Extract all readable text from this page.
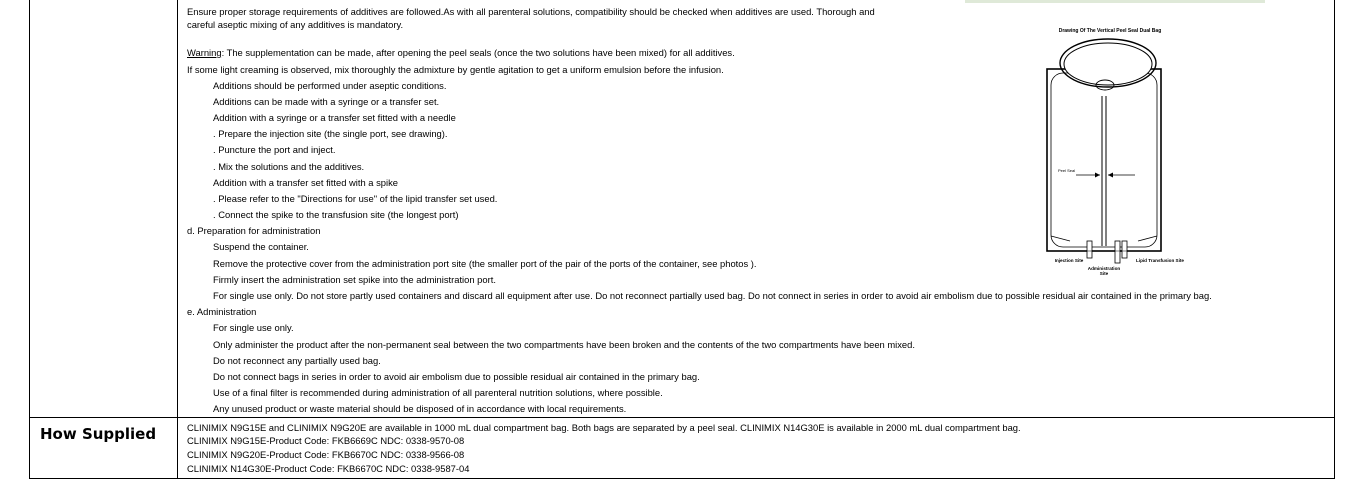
How Supplied
Ensure proper storage requirements of additives are followed.As with all parenteral solutions, compatibility should be checked when additives are used. Thorough and
careful aseptic mixing of any additives is mandatory.
Warning: The supplementation can be made, after opening the peel seals (once the two solutions have been mixed) for all additives.
If some light creaming is observed, mix thoroughly the admixture by gentle agitation to get a uniform emulsion before the infusion.
Additions should be performed under aseptic conditions.
Additions can be made with a syringe or a transfer set.
Addition with a syringe or a transfer set fitted with a needle
. Prepare the injection site (the single port, see drawing).
. Puncture the port and inject.
. Mix the solutions and the additives.
Addition with a transfer set fitted with a spike
. Please refer to the "Directions for use" of the lipid transfer set used.
. Connect the spike to the transfusion site (the longest port)
d. Preparation for administration
Suspend the container.
Remove the protective cover from the administration port site (the smaller port of the pair of the ports of the container, see photos ).
Firmly insert the administration set spike into the administration port.
For single use only. Do not store partly used containers and discard all equipment after use. Do not reconnect partially used bag. Do not connect in series in order to avoid air embolism due to possible residual air contained in the primary bag.
e. Administration
For single use only.
Only administer the product after the non-permanent seal between the two compartments have been broken and the contents of the two compartments have been mixed.
Do not reconnect any partially used bag.
Do not connect bags in series in order to avoid air embolism due to possible residual air contained in the primary bag.
Use of a final filter is recommended during administration of all parenteral nutrition solutions, where possible.
Any unused product or waste material should be disposed of in accordance with local requirements.
CLINIMIX N9G15E and CLINIMIX N9G20E are available in 1000 mL dual compartment bag. Both bags are separated by a peel seal. CLINIMIX N14G30E is available in 2000 mL dual compartment bag.
CLINIMIX N9G15E-Product Code: FKB6669C NDC: 0338-9570-08
CLINIMIX N9G20E-Product Code: FKB6670C NDC: 0338-9566-08
CLINIMIX N14G30E-Product Code: FKB6670C NDC: 0338-9587-04
Drawing Of The Vertical Peel Seal Dual Bag
Peel Seal
Injection Site
Administration Site
Lipid Transfusion Site
